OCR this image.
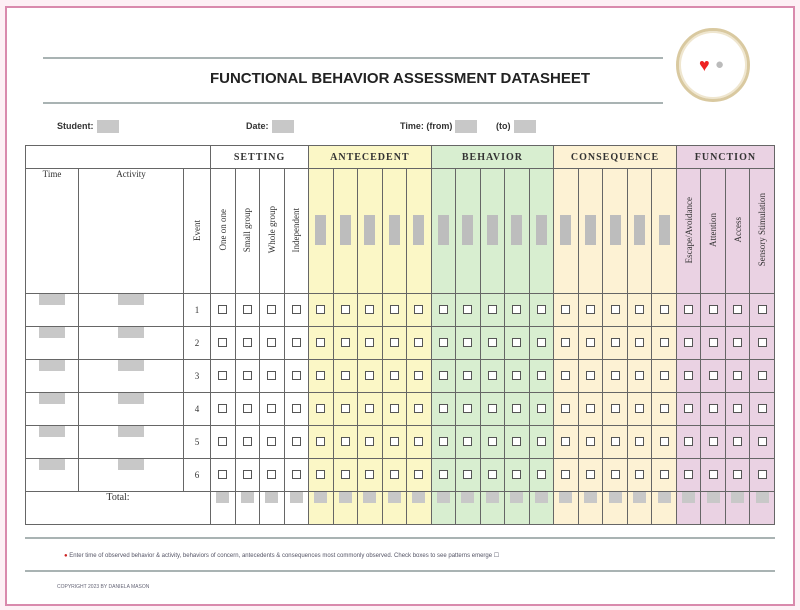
FUNCTIONAL BEHAVIOR ASSESSMENT DATASHEET
♥ ●
Student:	Date:	Time: (from)	(to)
			SETTING				ANTECEDENT					BEHAVIOR					CONSEQUENCE					FUNCTION			
Time	Activity	Event	One on one	Small group	Whole group	Independent																Escape/Avoidance	Attention	Access	Sensory Stimulation
		1																							
		2																							
		3																							
		4																							
		5																							
		6																							
Total:																									
● Enter time of observed behavior & activity, behaviors of concern, antecedents & consequences most commonly observed. Check boxes to see patterns emerge ☐
COPYRIGHT 2023 BY DANIELA MASON
